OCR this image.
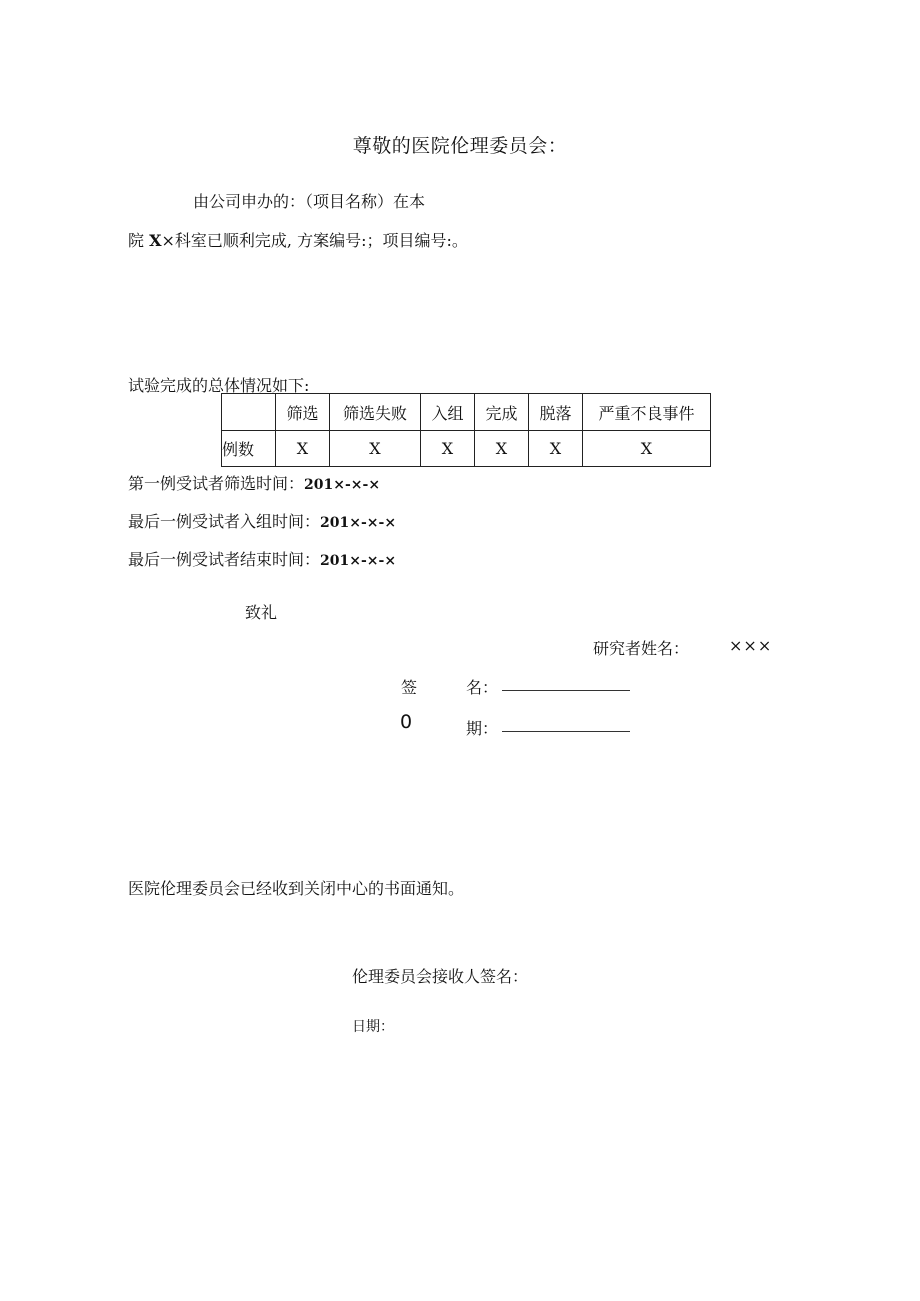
尊敬的医院伦理委员会：
由公司申办的：（项目名称）在本
院 X×科室已顺利完成, 方案编号:；项目编号:。
试验完成的总体情况如下:
	筛选	筛选失败	入组	完成	脱落	严重不良事件
例数	X	X	X	X	X	X
第一例受试者筛选时间：201×-×-×
最后一例受试者入组时间：201×-×-×
最后一例受试者结束时间：201×-×-×
致礼
研究者姓名： ×××
签	名：
0	期：
医院伦理委员会已经收到关闭中心的书面通知。
伦理委员会接收人签名：
日期：
